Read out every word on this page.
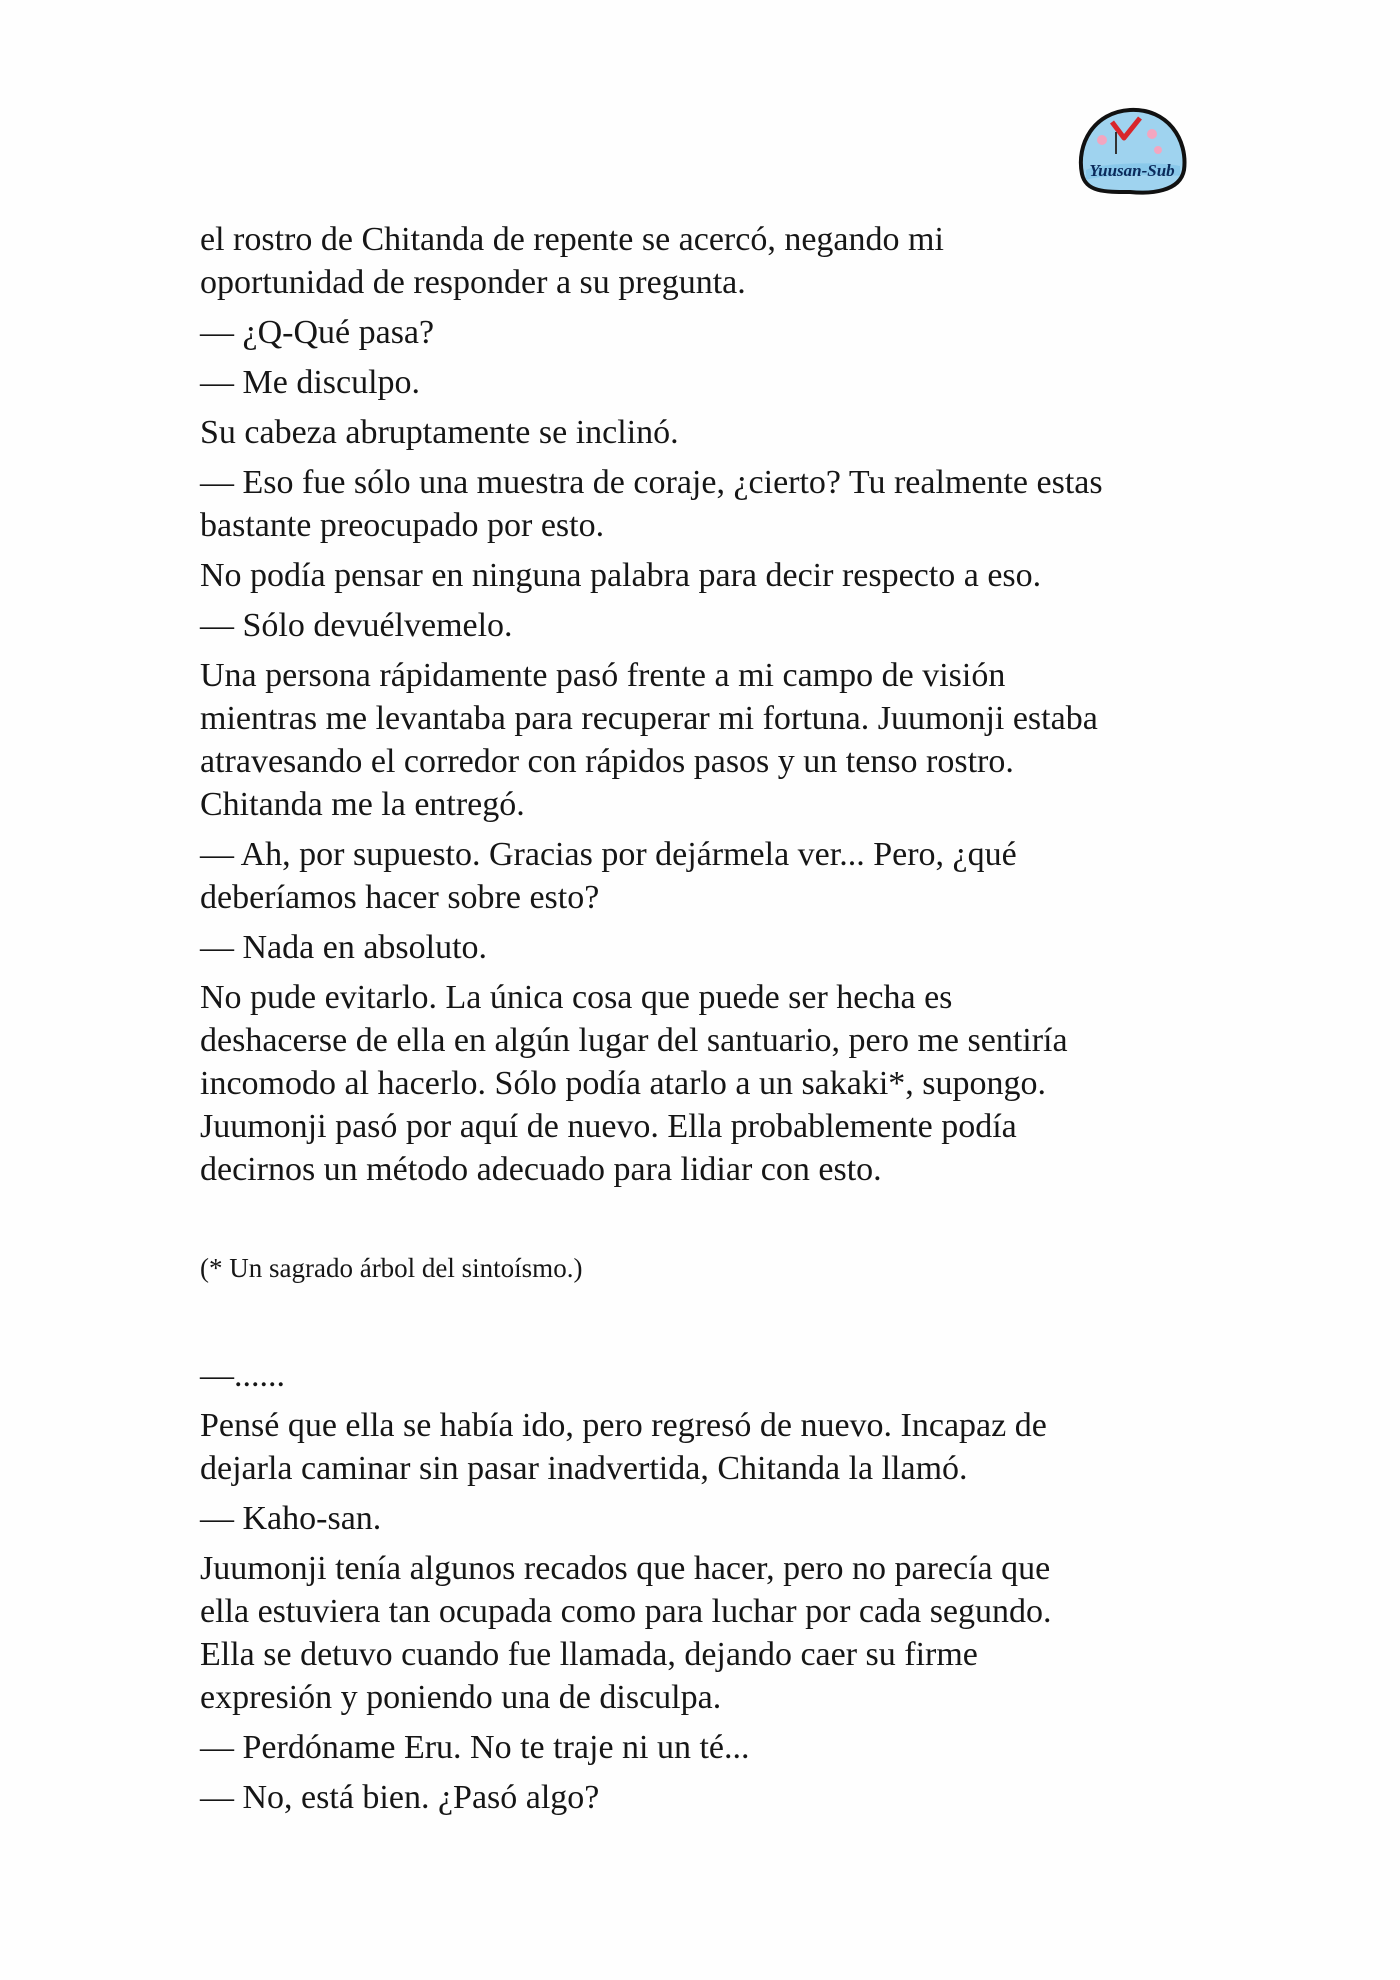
Yuusan-Sub

el rostro de Chitanda de repente se acercó, negando mi
oportunidad de responder a su pregunta.

— ¿Q-Qué pasa?

— Me disculpo.

Su cabeza abruptamente se inclinó.

— Eso fue sólo una muestra de coraje, ¿cierto? Tu realmente estas
bastante preocupado por esto.

No podía pensar en ninguna palabra para decir respecto a eso.

— Sólo devuélvemelo.

Una persona rápidamente pasó frente a mi campo de visión
mientras me levantaba para recuperar mi fortuna. Juumonji estaba
atravesando el corredor con rápidos pasos y un tenso rostro.
Chitanda me la entregó.

— Ah, por supuesto. Gracias por dejármela ver... Pero, ¿qué
deberíamos hacer sobre esto?

— Nada en absoluto.

No pude evitarlo. La única cosa que puede ser hecha es
deshacerse de ella en algún lugar del santuario, pero me sentiría
incomodo al hacerlo. Sólo podía atarlo a un sakaki*, supongo.
Juumonji pasó por aquí de nuevo. Ella probablemente podía
decirnos un método adecuado para lidiar con esto.

(* Un sagrado árbol del sintoísmo.)

—......

Pensé que ella se había ido, pero regresó de nuevo. Incapaz de
dejarla caminar sin pasar inadvertida, Chitanda la llamó.

— Kaho-san.

Juumonji tenía algunos recados que hacer, pero no parecía que
ella estuviera tan ocupada como para luchar por cada segundo.
Ella se detuvo cuando fue llamada, dejando caer su firme
expresión y poniendo una de disculpa.

— Perdóname Eru. No te traje ni un té...

— No, está bien. ¿Pasó algo?
